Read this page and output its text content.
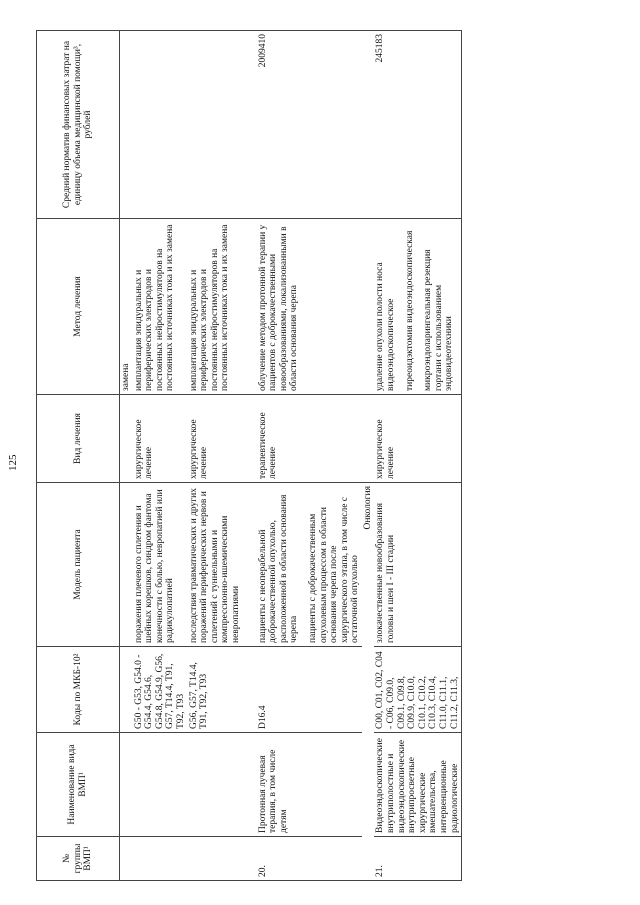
125
№ группы ВМП¹	Наименование вида ВМП¹	Коды по МКБ-10²	Модель пациента	Вид лечения	Метод лечения	Средний норматив финансовых затрат на единицу объема медицинской помощи³, рублей
					замена	
		G50 - G53, G54.0 - G54.4, G54.6, G54.8, G54.9, G56, G57, T14.4, T91, T92, T93	поражения плечевого сплетения и шейных корешков, синдром фантома конечности с болью, невропатией или радикулопатией	хирургическое лечение	имплантация эпидуральных и периферических электродов и постоянных нейростимуляторов на постоянных источниках тока и их замена	
		G56, G57, T14.4, T91, T92, T93	последствия травматических и других поражений периферических нервов и сплетений с туннельными и компрессионно-ишемическими невропатиями	хирургическое лечение	имплантация эпидуральных и периферических электродов и постоянных нейростимуляторов на постоянных источниках тока и их замена	

20.	Протонная лучевая терапия, в том числе детям	D16.4	пациенты с неоперабельной доброкачественной опухолью, расположенной в области основания черепа пациенты с доброкачественным опухолевым процессом в области основания черепа после хирургического этапа, в том числе с остаточной опухолью	терапевтическое лечение	облучение методом протонной терапии у пациентов с доброкачественными новообразованиями, локализованными в области основания черепа	2009410
Онкология						
21.	Видеоэндоскопические внутриполостные и видеоэндоскопические внутрипросветные хирургические вмешательства, интервенционные радиологические	C00, C01, C02, C04 - C06, C09.0, C09.1, C09.8, C09.9, C10.0, C10.1, C10.2, C10.3, C10.4, C11.0, C11.1, C11.2, C11.3,	злокачественные новообразования головы и шеи I - III стадии	хирургическое лечение	удаление опухоли полости носа видеоэндоскопическое тиреоидэктомия видеоэндоскопическая микроэндоларингеальная резекция гортани с использованием эндовидеотехники	245183
